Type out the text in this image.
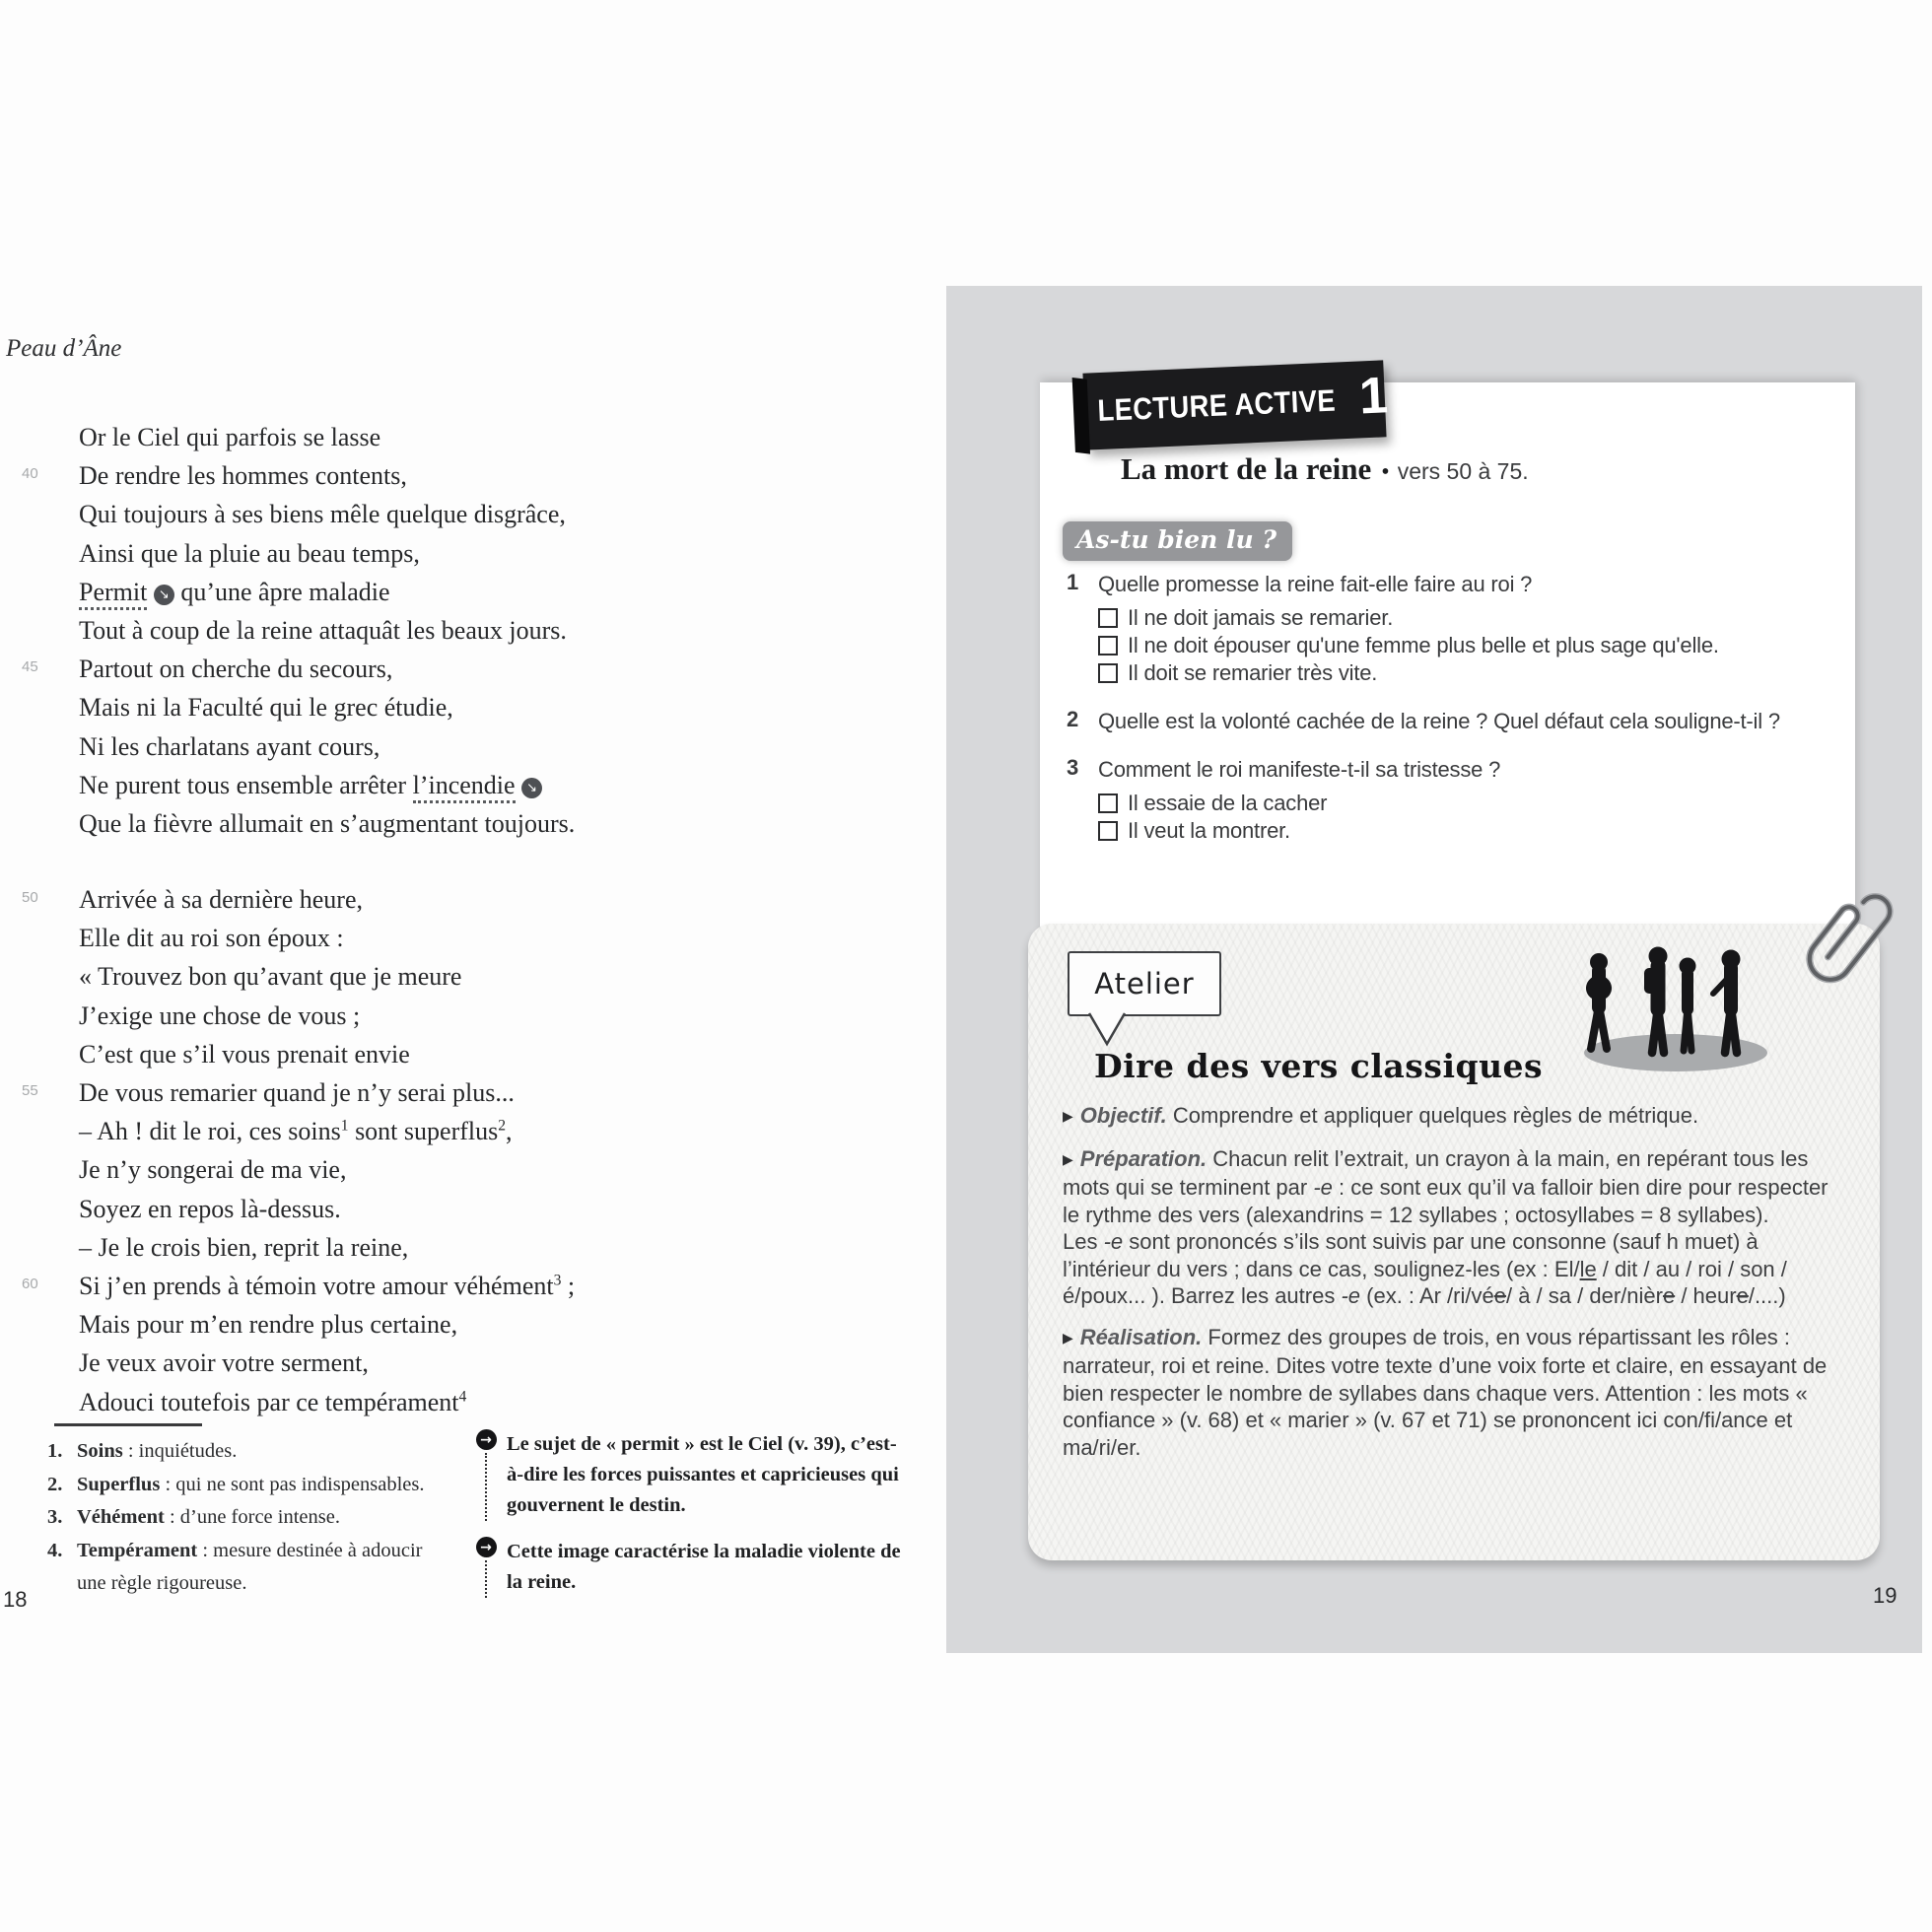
Peau d’Âne
Or le Ciel qui parfois se lasse
40	De rendre les hommes contents,
Qui toujours à ses biens mêle quelque disgrâce,
Ainsi que la pluie au beau temps,
Permit ↘ qu’une âpre maladie
Tout à coup de la reine attaquât les beaux jours.
45	Partout on cherche du secours,
Mais ni la Faculté qui le grec étudie,
Ni les charlatans ayant cours,
Ne purent tous ensemble arrêter l’incendie ↘
Que la fièvre allumait en s’augmentant toujours.
50	Arrivée à sa dernière heure,
Elle dit au roi son époux :
« Trouvez bon qu’avant que je meure
J’exige une chose de vous ;
C’est que s’il vous prenait envie
55	De vous remarier quand je n’y serai plus...
– Ah ! dit le roi, ces soins$^1$ sont superflus$^2$,
Je n’y songerai de ma vie,
Soyez en repos là-dessus.
– Je le crois bien, reprit la reine,
60	Si j’en prends à témoin votre amour véhément$^3$ ;
Mais pour m’en rendre plus certaine,
Je veux avoir votre serment,
Adouci toutefois par ce tempérament$^4$
1. Soins : inquiétudes.
2. Superflus : qui ne sont pas indispensables.
3. Véhément : d’une force intense.
4. Tempérament : mesure destinée à adoucir une règle rigoureuse.
→ Le sujet de « permit » est le Ciel (v. 39), c’est-à-dire les forces puissantes et capricieuses qui gouvernent le destin.
→ Cette image caractérise la maladie violente de la reine.
18
LECTURE ACTIVE 1
La mort de la reine • vers 50 à 75.
As-tu bien lu ?
1 Quelle promesse la reine fait-elle faire au roi ?
Il ne doit jamais se remarier.
Il ne doit épouser qu'une femme plus belle et plus sage qu'elle.
Il doit se remarier très vite.
2 Quelle est la volonté cachée de la reine ? Quel défaut cela souligne-t-il ?
3 Comment le roi manifeste-t-il sa tristesse ?
Il essaie de la cacher
Il veut la montrer.
Atelier
Dire des vers classiques

▶ Objectif. Comprendre et appliquer quelques règles de métrique.

▶ Préparation. Chacun relit l’extrait, un crayon à la main, en repérant tous les mots qui se terminent par -e : ce sont eux qu’il va falloir bien dire pour respecter le rythme des vers (alexandrins = 12 syllabes ; octosyllabes = 8 syllabes).
Les -e sont prononcés s’ils sont suivis par une consonne (sauf h muet) à l’intérieur du vers ; dans ce cas, soulignez-les (ex : El/le / dit / au / roi / son / é/poux... ). Barrez les autres -e (ex. : Ar /ri/vée/ à / sa / der/nière / heure/....)

▶ Réalisation. Formez des groupes de trois, en vous répartissant les rôles : narrateur, roi et reine. Dites votre texte d’une voix forte et claire, en essayant de bien respecter le nombre de syllabes dans chaque vers. Attention : les mots « confiance » (v. 68) et « marier » (v. 67 et 71) se prononcent ici con/fi/ance et ma/ri/er.

19
